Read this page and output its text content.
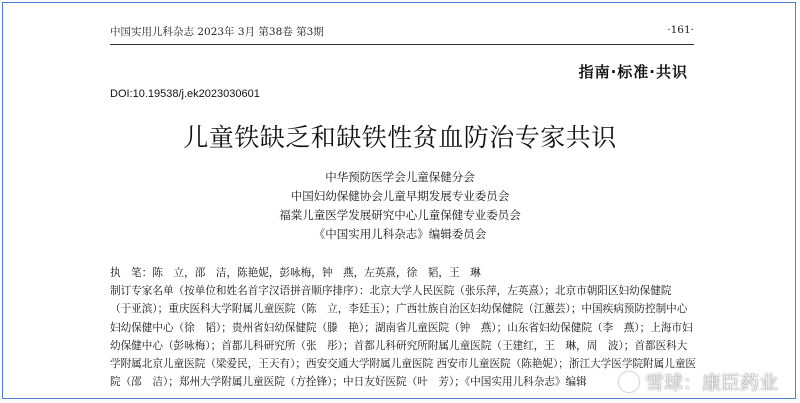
中国实用儿科杂志 2023年 3月 第38卷 第3期	·161·
指南·标准·共识
DOI:10.19538/j.ek2023030601
儿童铁缺乏和缺铁性贫血防治专家共识
中华预防医学会儿童保健分会
中国妇幼保健协会儿童早期发展专业委员会
福棠儿童医学发展研究中心儿童保健专业委员会
《中国实用儿科杂志》编辑委员会
执　笔：陈　立，邵　洁，陈艳妮，彭咏梅，钟　燕，左英熹，徐　韬，王　琳
制订专家名单（按单位和姓名首字汉语拼音顺序排序）：北京大学人民医院（张乐萍，左英熹）；北京市朝阳区妇幼保健院
（于亚滨）；重庆医科大学附属儿童医院（陈　立，李廷玉）；广西壮族自治区妇幼保健院（江蕙芸）；中国疾病预防控制中心
妇幼保健中心（徐　韬）；贵州省妇幼保健院（滕　艳）；湖南省儿童医院（钟　燕）；山东省妇幼保健院（李　燕）；上海市妇
幼保健中心（彭咏梅）；首都儿科研究所（张　彤）；首都儿科研究所附属儿童医院（王建红，王　琳，周　波）；首都医科大
学附属北京儿童医院（梁爱民，王天有）；西安交通大学附属儿童医院 西安市儿童医院（陈艳妮）；浙江大学医学院附属儿童医
院（邵　洁）；郑州大学附属儿童医院（方拴锋）；中日友好医院（叶　芳）；《中国实用儿科杂志》编辑	雪球：康臣药业
